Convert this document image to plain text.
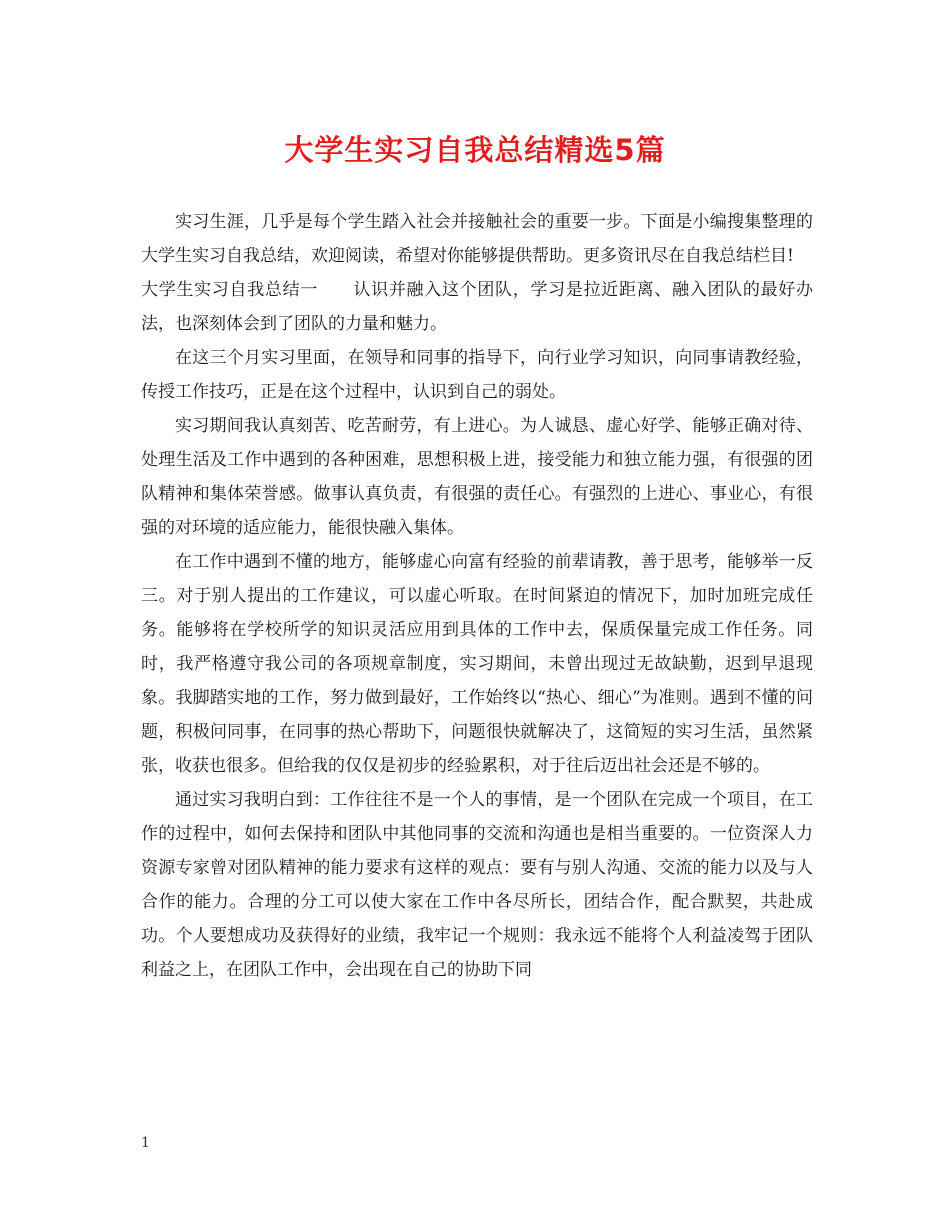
大学生实习自我总结精选5篇

实习生涯，几乎是每个学生踏入社会并接触社会的重要一步。下面是小编搜集整理的大学生实习自我总结，欢迎阅读，希望对你能够提供帮助。更多资讯尽在自我总结栏目!

大学生实习自我总结一　　认识并融入这个团队，学习是拉近距离、融入团队的最好办法，也深刻体会到了团队的力量和魅力。

在这三个月实习里面，在领导和同事的指导下，向行业学习知识，向同事请教经验，传授工作技巧，正是在这个过程中，认识到自己的弱处。

实习期间我认真刻苦、吃苦耐劳，有上进心。为人诚恳、虚心好学、能够正确对待、处理生活及工作中遇到的各种困难，思想积极上进，接受能力和独立能力强，有很强的团队精神和集体荣誉感。做事认真负责，有很强的责任心。有强烈的上进心、事业心，有很强的对环境的适应能力，能很快融入集体。

在工作中遇到不懂的地方，能够虚心向富有经验的前辈请教，善于思考，能够举一反三。对于别人提出的工作建议，可以虚心听取。在时间紧迫的情况下，加时加班完成任务。能够将在学校所学的知识灵活应用到具体的工作中去，保质保量完成工作任务。同时，我严格遵守我公司的各项规章制度，实习期间，未曾出现过无故缺勤，迟到早退现象。我脚踏实地的工作，努力做到最好，工作始终以“热心、细心”为准则。遇到不懂的问题，积极问同事，在同事的热心帮助下，问题很快就解决了，这简短的实习生活，虽然紧张，收获也很多。但给我的仅仅是初步的经验累积，对于往后迈出社会还是不够的。

通过实习我明白到：工作往往不是一个人的事情，是一个团队在完成一个项目，在工作的过程中，如何去保持和团队中其他同事的交流和沟通也是相当重要的。一位资深人力资源专家曾对团队精神的能力要求有这样的观点：要有与别人沟通、交流的能力以及与人合作的能力。合理的分工可以使大家在工作中各尽所长，团结合作，配合默契，共赴成功。个人要想成功及获得好的业绩，我牢记一个规则：我永远不能将个人利益凌驾于团队利益之上，在团队工作中，会出现在自己的协助下同

1
